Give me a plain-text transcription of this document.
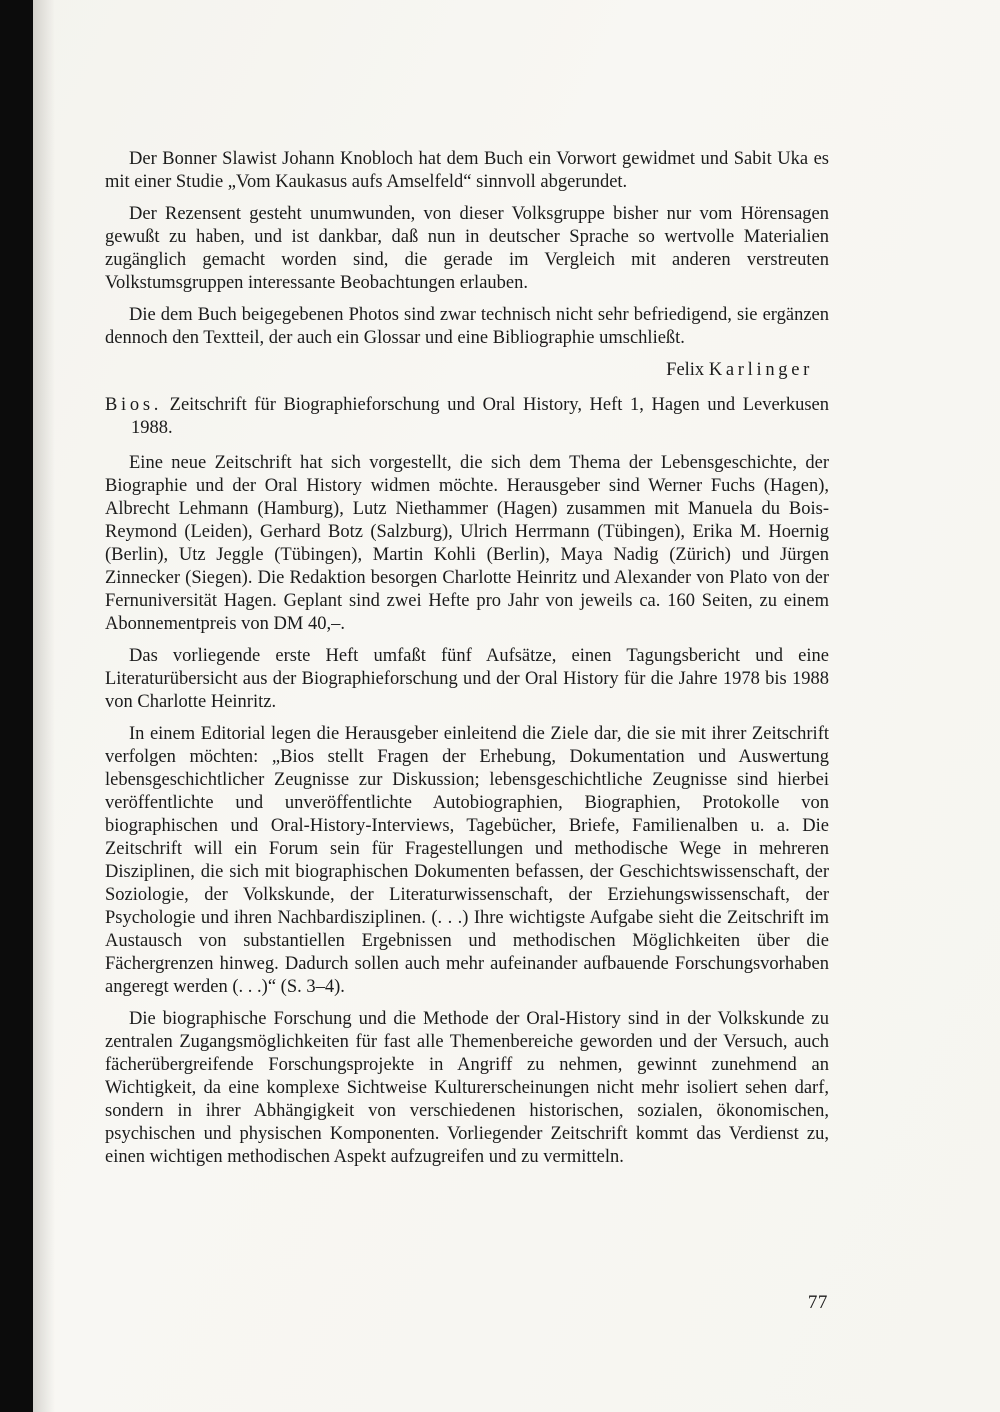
Der Bonner Slawist Johann Knobloch hat dem Buch ein Vorwort gewidmet und Sabit Uka es mit einer Studie „Vom Kaukasus aufs Amselfeld“ sinnvoll abgerundet.

Der Rezensent gesteht unumwunden, von dieser Volksgruppe bisher nur vom Hörensagen gewußt zu haben, und ist dankbar, daß nun in deutscher Sprache so wertvolle Materialien zugänglich gemacht worden sind, die gerade im Vergleich mit anderen verstreuten Volkstumsgruppen interessante Beobachtungen erlauben.

Die dem Buch beigegebenen Photos sind zwar technisch nicht sehr befriedigend, sie ergänzen dennoch den Textteil, der auch ein Glossar und eine Bibliographie umschließt.

Felix Karlinger

Bios. Zeitschrift für Biographieforschung und Oral History, Heft 1, Hagen und Leverkusen 1988.

Eine neue Zeitschrift hat sich vorgestellt, die sich dem Thema der Lebensgeschichte, der Biographie und der Oral History widmen möchte. Herausgeber sind Werner Fuchs (Hagen), Albrecht Lehmann (Hamburg), Lutz Niethammer (Hagen) zusammen mit Manuela du Bois-Reymond (Leiden), Gerhard Botz (Salzburg), Ulrich Herrmann (Tübingen), Erika M. Hoernig (Berlin), Utz Jeggle (Tübingen), Martin Kohli (Berlin), Maya Nadig (Zürich) und Jürgen Zinnecker (Siegen). Die Redaktion besorgen Charlotte Heinritz und Alexander von Plato von der Fernuniversität Hagen. Geplant sind zwei Hefte pro Jahr von jeweils ca. 160 Seiten, zu einem Abonnementpreis von DM 40,–.

Das vorliegende erste Heft umfaßt fünf Aufsätze, einen Tagungsbericht und eine Literaturübersicht aus der Biographieforschung und der Oral History für die Jahre 1978 bis 1988 von Charlotte Heinritz.

In einem Editorial legen die Herausgeber einleitend die Ziele dar, die sie mit ihrer Zeitschrift verfolgen möchten: „Bios stellt Fragen der Erhebung, Dokumentation und Auswertung lebensgeschichtlicher Zeugnisse zur Diskussion; lebensgeschichtliche Zeugnisse sind hierbei veröffentlichte und unveröffentlichte Autobiographien, Biographien, Protokolle von biographischen und Oral-History-Interviews, Tagebücher, Briefe, Familienalben u. a. Die Zeitschrift will ein Forum sein für Fragestellungen und methodische Wege in mehreren Disziplinen, die sich mit biographischen Dokumenten befassen, der Geschichtswissenschaft, der Soziologie, der Volkskunde, der Literaturwissenschaft, der Erziehungswissenschaft, der Psychologie und ihren Nachbardisziplinen. (. . .) Ihre wichtigste Aufgabe sieht die Zeitschrift im Austausch von substantiellen Ergebnissen und methodischen Möglichkeiten über die Fächergrenzen hinweg. Dadurch sollen auch mehr aufeinander aufbauende Forschungsvorhaben angeregt werden (. . .)“ (S. 3–4).

Die biographische Forschung und die Methode der Oral-History sind in der Volkskunde zu zentralen Zugangsmöglichkeiten für fast alle Themenbereiche geworden und der Versuch, auch fächerübergreifende Forschungsprojekte in Angriff zu nehmen, gewinnt zunehmend an Wichtigkeit, da eine komplexe Sichtweise Kulturerscheinungen nicht mehr isoliert sehen darf, sondern in ihrer Abhängigkeit von verschiedenen historischen, sozialen, ökonomischen, psychischen und physischen Komponenten. Vorliegender Zeitschrift kommt das Verdienst zu, einen wichtigen methodischen Aspekt aufzugreifen und zu vermitteln.

77
